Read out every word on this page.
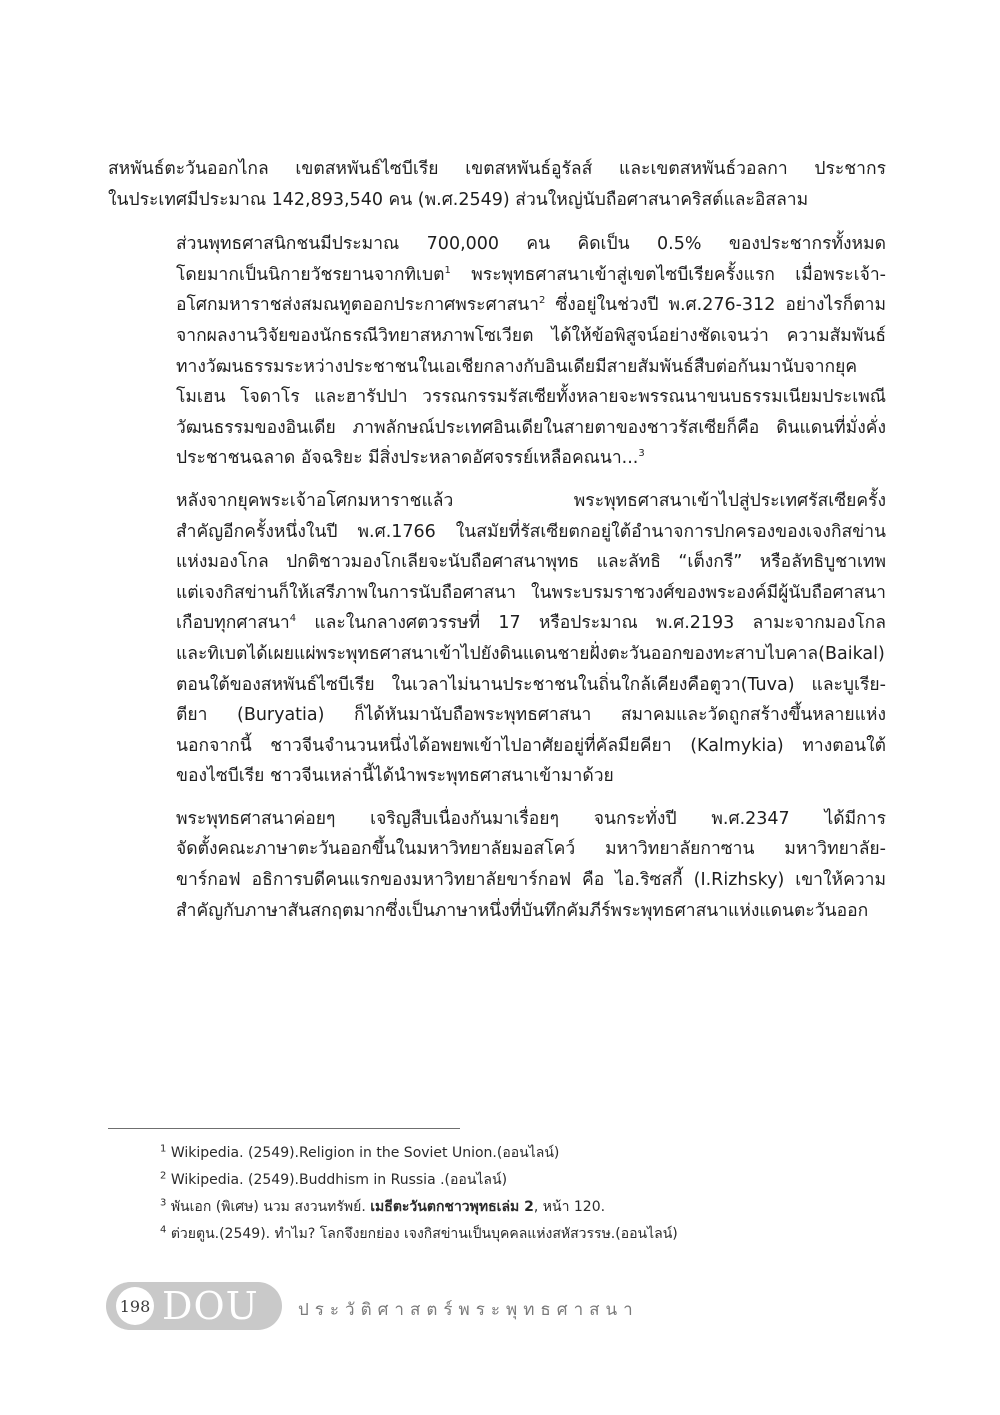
สหพันธ์ตะวันออกไกล เขตสหพันธ์ไซบีเรีย เขตสหพันธ์อูรัลส์ และเขตสหพันธ์วอลกา ประชากร
ในประเทศมีประมาณ 142,893,540 คน (พ.ศ.2549) ส่วนใหญ่นับถือศาสนาคริสต์และอิสลาม

ส่วนพุทธศาสนิกชนมีประมาณ 700,000 คน คิดเป็น 0.5% ของประชากรทั้งหมด
โดยมากเป็นนิกายวัชรยานจากทิเบต$^1$ พระพุทธศาสนาเข้าสู่เขตไซบีเรียครั้งแรก เมื่อพระเจ้า-
อโศกมหาราชส่งสมณทูตออกประกาศพระศาสนา$^2$ ซึ่งอยู่ในช่วงปี พ.ศ.276-312 อย่างไรก็ตาม
จากผลงานวิจัยของนักธรณีวิทยาสหภาพโซเวียต ได้ให้ข้อพิสูจน์อย่างชัดเจนว่า ความสัมพันธ์
ทางวัฒนธรรมระหว่างประชาชนในเอเชียกลางกับอินเดียมีสายสัมพันธ์สืบต่อกันมานับจากยุค
โมเฮน โจดาโร และฮารัปปา วรรณกรรมรัสเซียทั้งหลายจะพรรณนาขนบธรรมเนียมประเพณี
วัฒนธรรมของอินเดีย ภาพลักษณ์ประเทศอินเดียในสายตาของชาวรัสเซียก็คือ ดินแดนที่มั่งคั่ง
ประชาชนฉลาด อัจฉริยะ มีสิ่งประหลาดอัศจรรย์เหลือคณนา...$^3$

หลังจากยุคพระเจ้าอโศกมหาราชแล้ว พระพุทธศาสนาเข้าไปสู่ประเทศรัสเซียครั้ง
สำคัญอีกครั้งหนึ่งในปี พ.ศ.1766 ในสมัยที่รัสเซียตกอยู่ใต้อำนาจการปกครองของเจงกิสข่าน
แห่งมองโกล ปกติชาวมองโกเลียจะนับถือศาสนาพุทธ และลัทธิ “เต็งกรี” หรือลัทธิบูชาเทพ
แต่เจงกิสข่านก็ให้เสรีภาพในการนับถือศาสนา ในพระบรมราชวงศ์ของพระองค์มีผู้นับถือศาสนา
เกือบทุกศาสนา$^4$ และในกลางศตวรรษที่ 17 หรือประมาณ พ.ศ.2193 ลามะจากมองโกล
และทิเบตได้เผยแผ่พระพุทธศาสนาเข้าไปยังดินแดนชายฝั่งตะวันออกของทะสาบไบคาล(Baikal)
ตอนใต้ของสหพันธ์ไซบีเรีย ในเวลาไม่นานประชาชนในถิ่นใกล้เคียงคือตูวา(Tuva) และบูเรีย-
ตียา (Buryatia) ก็ได้หันมานับถือพระพุทธศาสนา สมาคมและวัดถูกสร้างขึ้นหลายแห่ง
นอกจากนี้ ชาวจีนจำนวนหนึ่งได้อพยพเข้าไปอาศัยอยู่ที่คัลมียคียา (Kalmykia) ทางตอนใต้
ของไซบีเรีย ชาวจีนเหล่านี้ได้นำพระพุทธศาสนาเข้ามาด้วย

พระพุทธศาสนาค่อยๆ เจริญสืบเนื่องกันมาเรื่อยๆ จนกระทั่งปี พ.ศ.2347 ได้มีการ
จัดตั้งคณะภาษาตะวันออกขึ้นในมหาวิทยาลัยมอสโคว์ มหาวิทยาลัยกาซาน มหาวิทยาลัย-
ขาร์กอฟ อธิการบดีคนแรกของมหาวิทยาลัยขาร์กอฟ คือ ไอ.ริซสกี้ (I.Rizhsky) เขาให้ความ
สำคัญกับภาษาสันสกฤตมากซึ่งเป็นภาษาหนึ่งที่บันทึกคัมภีร์พระพุทธศาสนาแห่งแดนตะวันออก

$^1$ Wikipedia. (2549).Religion in the Soviet Union.(ออนไลน์)
$^2$ Wikipedia. (2549).Buddhism in Russia .(ออนไลน์)
$^3$ พันเอก (พิเศษ) นวม สงวนทรัพย์. เมธีตะวันตกชาวพุทธเล่ม 2, หน้า 120.
$^4$ ต่วยตูน.(2549). ทำไม? โลกจึงยกย่อง เจงกิสข่านเป็นบุคคลแห่งสหัสวรรษ.(ออนไลน์)
198 DOU ประวัติศาสตร์พระพุทธศาสนา
